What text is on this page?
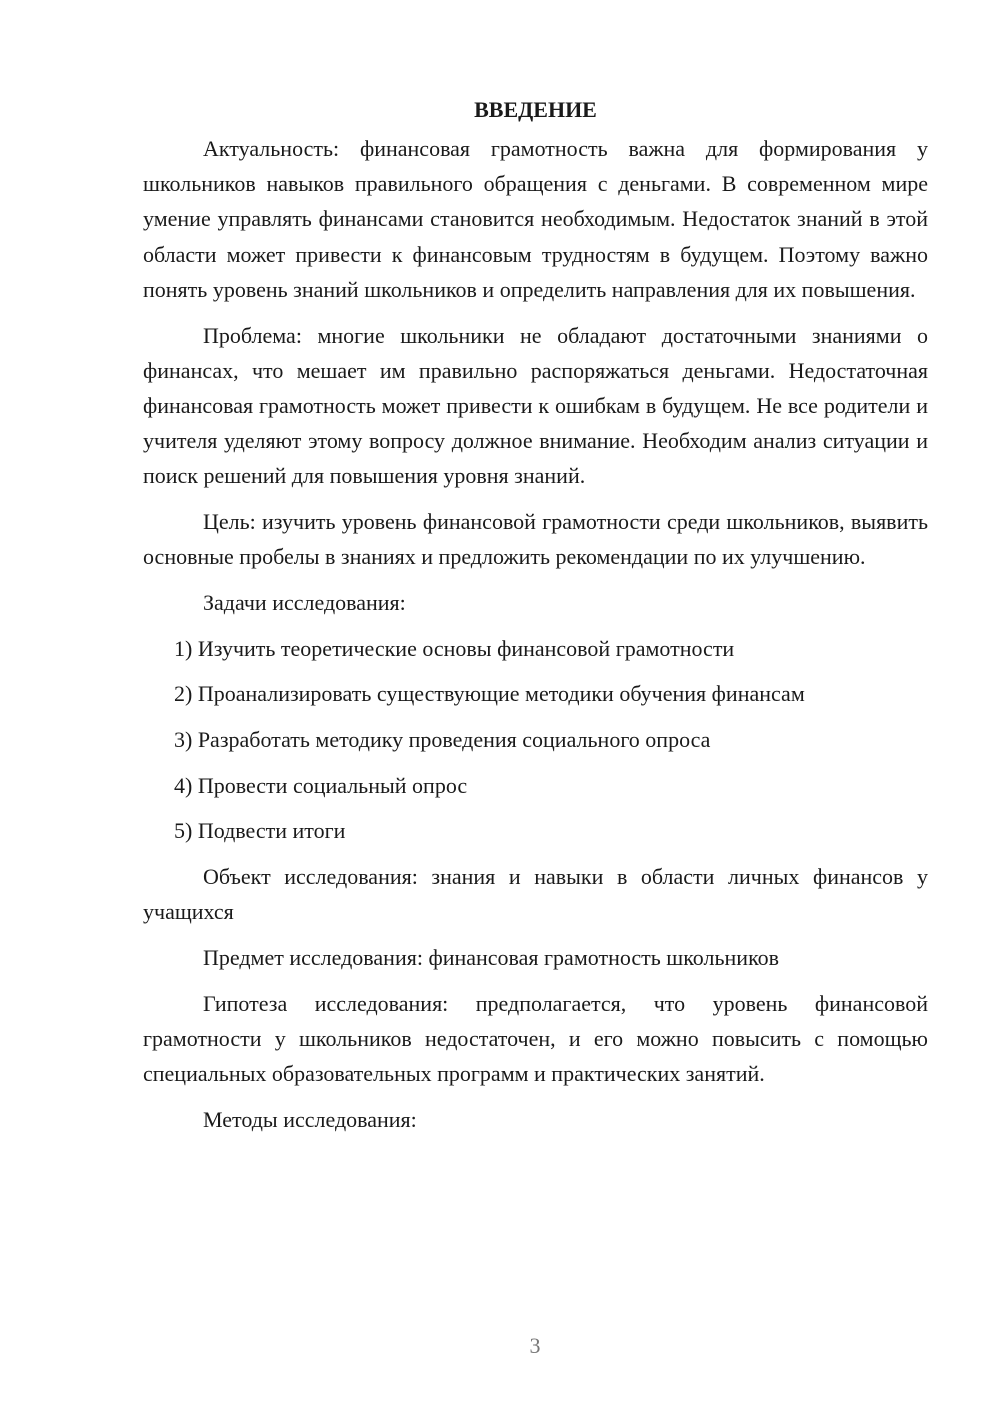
ВВЕДЕНИЕ

Актуальность: финансовая грамотность важна для формирования у школьников навыков правильного обращения с деньгами. В современном мире умение управлять финансами становится необходимым. Недостаток знаний в этой области может привести к финансовым трудностям в будущем. Поэтому важно понять уровень знаний школьников и определить направления для их повышения.

Проблема: многие школьники не обладают достаточными знаниями о финансах, что мешает им правильно распоряжаться деньгами. Недостаточная финансовая грамотность может привести к ошибкам в будущем. Не все родители и учителя уделяют этому вопросу должное внимание. Необходим анализ ситуации и поиск решений для повышения уровня знаний.

Цель: изучить уровень финансовой грамотности среди школьников, выявить основные пробелы в знаниях и предложить рекомендации по их улучшению.

Задачи исследования:

1) Изучить теоретические основы финансовой грамотности
2) Проанализировать существующие методики обучения финансам
3) Разработать методику проведения социального опроса
4) Провести социальный опрос
5) Подвести итоги

Объект исследования: знания и навыки в области личных финансов у учащихся

Предмет исследования: финансовая грамотность школьников

Гипотеза исследования: предполагается, что уровень финансовой грамотности у школьников недостаточен, и его можно повысить с помощью специальных образовательных программ и практических занятий.

Методы исследования:

3
